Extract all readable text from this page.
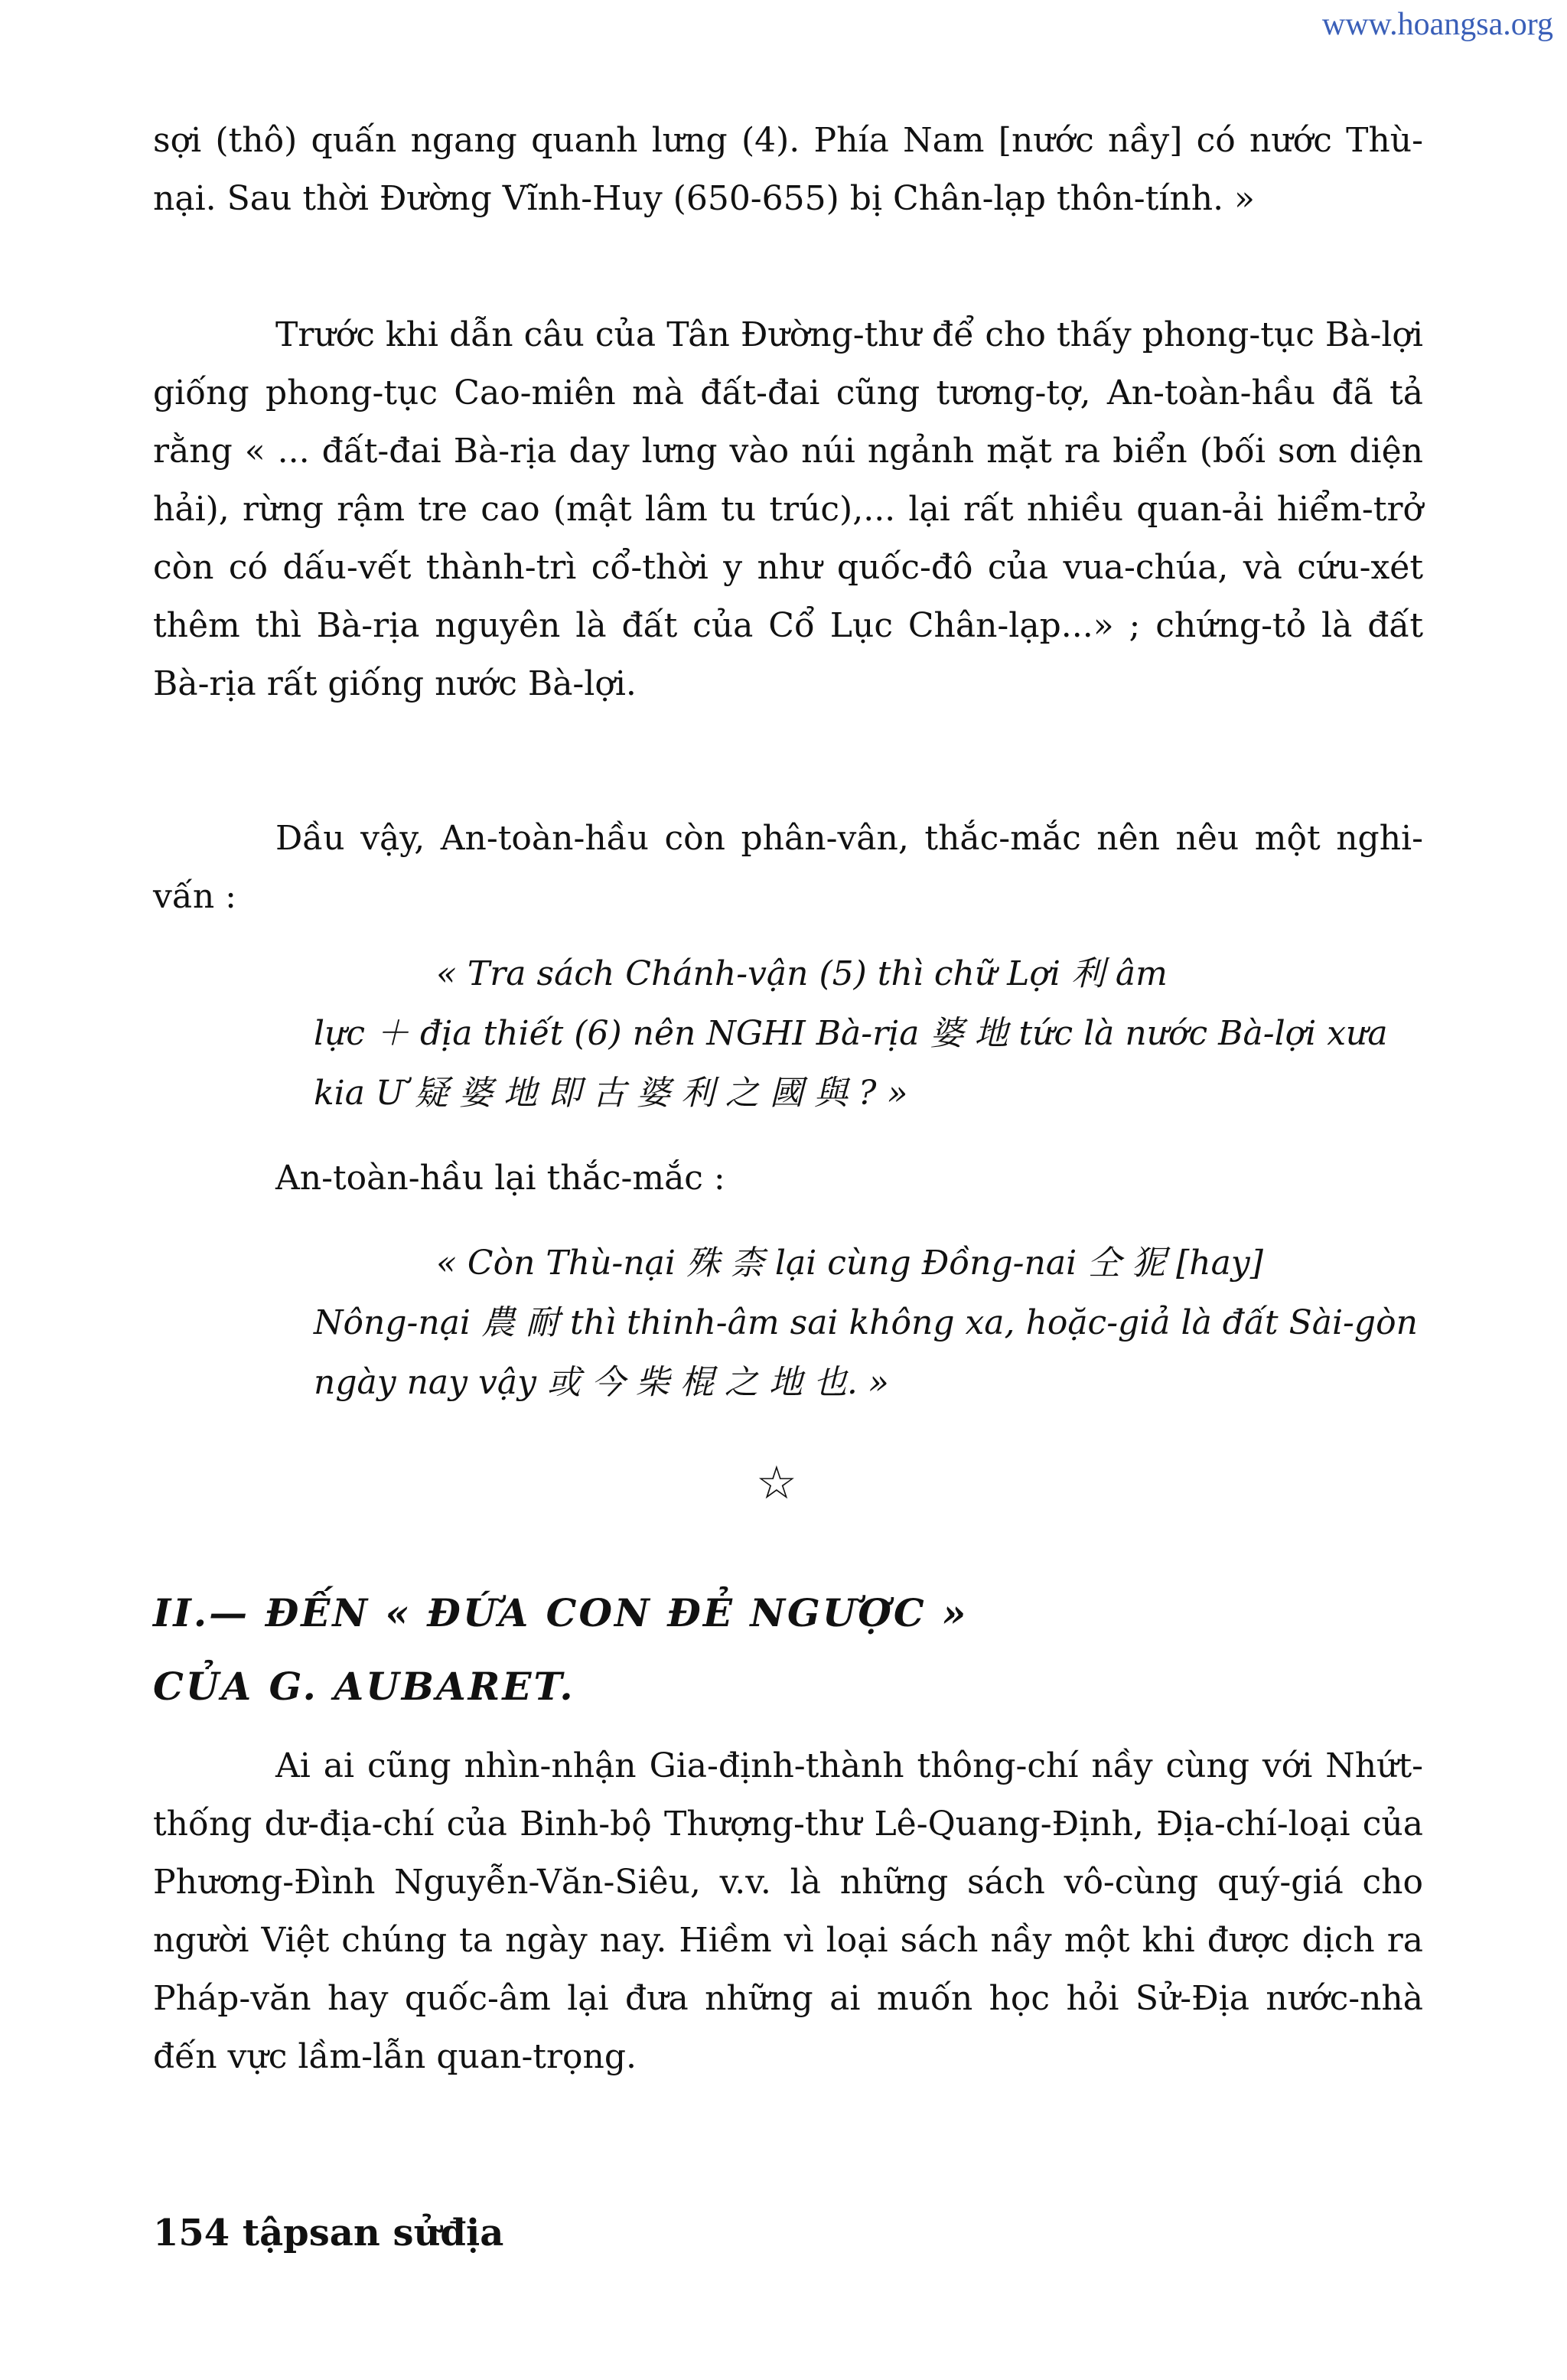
www.hoangsa.org

sợi (thô) quấn ngang quanh lưng (4). Phía Nam [nước nầy] có nước Thù-nại. Sau thời Đường Vĩnh-Huy (650-655) bị Chân-lạp thôn-tính. »

Trước khi dẫn câu của Tân Đường-thư để cho thấy phong-tục Bà-lợi giống phong-tục Cao-miên mà đất-đai cũng tương-tợ, An-toàn-hầu đã tả rằng « ... đất-đai Bà-rịa day lưng vào núi ngảnh mặt ra biển (bối sơn diện hải), rừng rậm tre cao (mật lâm tu trúc),... lại rất nhiều quan-ải hiểm-trở còn có dấu-vết thành-trì cổ-thời y như quốc-đô của vua-chúa, và cứu-xét thêm thì Bà-rịa nguyên là đất của Cổ Lục Chân-lạp...» ; chứng-tỏ là đất Bà-rịa rất giống nước Bà-lợi.

Dầu vậy, An-toàn-hầu còn phân-vân, thắc-mắc nên nêu một nghi-vấn :

« Tra sách Chánh-vận (5) thì chữ Lợi 利 âm
lực ＋ địa thiết (6) nên NGHI Bà-rịa 婆 地 tức là nước Bà-lợi xưa kia Ư 疑 婆 地 即 古 婆 利 之 國 與 ? »

An-toàn-hầu lại thắc-mắc :

« Còn Thù-nại 殊 柰 lại cùng Đồng-nai 仝 狔 [hay]
Nông-nại 農 耐 thì thinh-âm sai không xa, hoặc-giả là đất Sài-gòn ngày nay vậy 或 今 柴 棍 之 地 也. »

☆
II.— ĐẾN « ĐỨA CON ĐẺ NGƯỢC »
CỦA G. AUBARET.

Ai ai cũng nhìn-nhận Gia-định-thành thông-chí nầy cùng với Nhứt-thống dư-địa-chí của Binh-bộ Thượng-thư Lê-Quang-Định, Địa-chí-loại của Phương-Đình Nguyễn-Văn-Siêu, v.v. là những sách vô-cùng quý-giá cho người Việt chúng ta ngày nay. Hiềm vì loại sách nầy một khi được dịch ra Pháp-văn hay quốc-âm lại đưa những ai muốn học hỏi Sử-Địa nước-nhà đến vực lầm-lẫn quan-trọng.

154 tậpsan sửđịa
